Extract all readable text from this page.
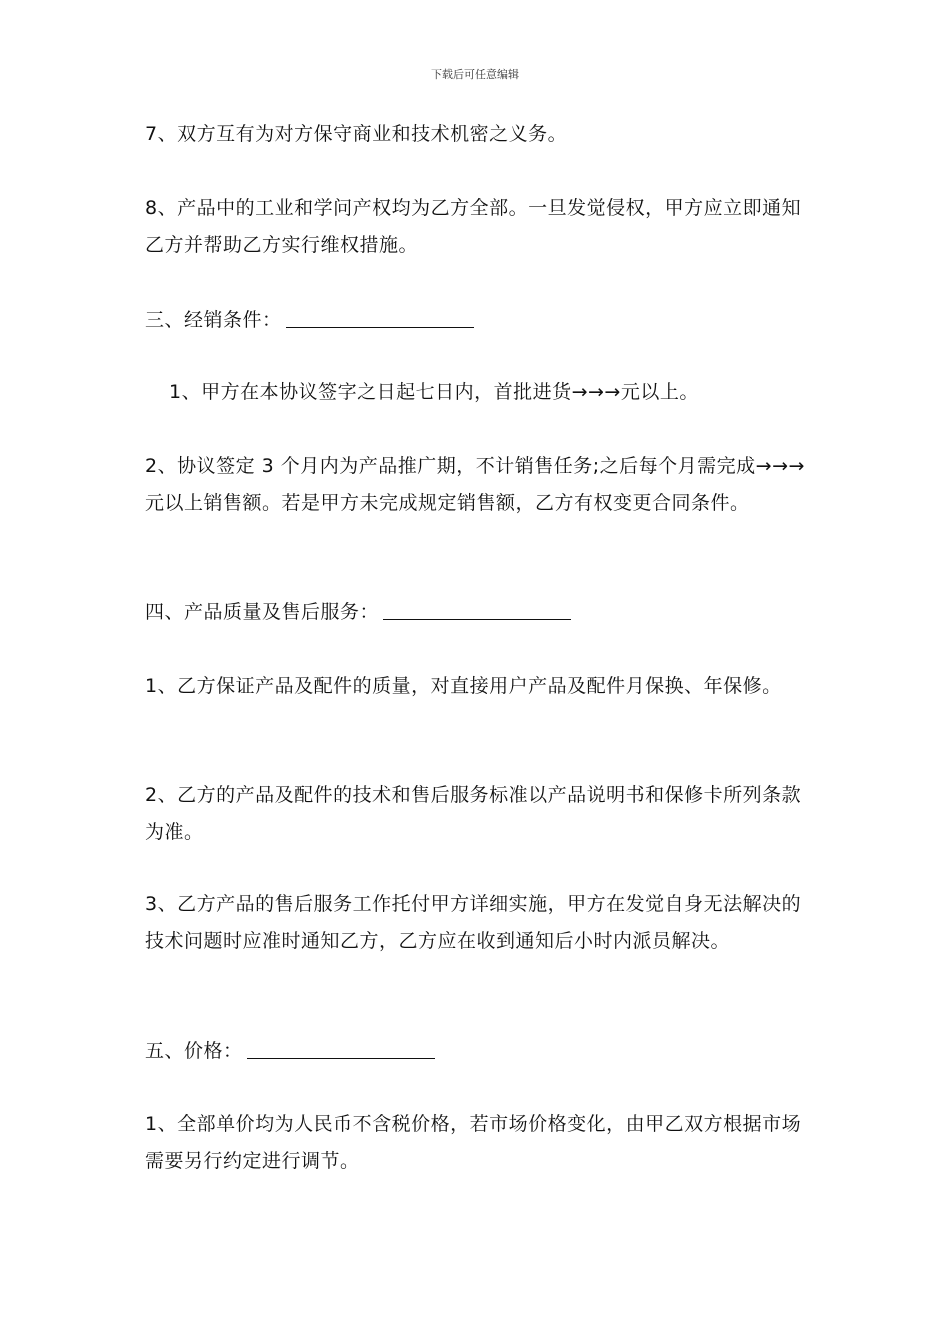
下载后可任意编辑

7、双方互有为对方保守商业和技术机密之义务。

8、产品中的工业和学问产权均为乙方全部。一旦发觉侵权，甲方应立即通知乙方并帮助乙方实行维权措施。

三、经销条件：

1、甲方在本协议签字之日起七日内，首批进货→→→元以上。

2、协议签定 3 个月内为产品推广期，不计销售任务;之后每个月需完成→→→元以上销售额。若是甲方未完成规定销售额，乙方有权变更合同条件。

四、产品质量及售后服务：

1、乙方保证产品及配件的质量，对直接用户产品及配件月保换、年保修。

2、乙方的产品及配件的技术和售后服务标准以产品说明书和保修卡所列条款为准。

3、乙方产品的售后服务工作托付甲方详细实施，甲方在发觉自身无法解决的技术问题时应准时通知乙方，乙方应在收到通知后小时内派员解决。

五、价格：

1、全部单价均为人民币不含税价格，若市场价格变化，由甲乙双方根据市场需要另行约定进行调节。
